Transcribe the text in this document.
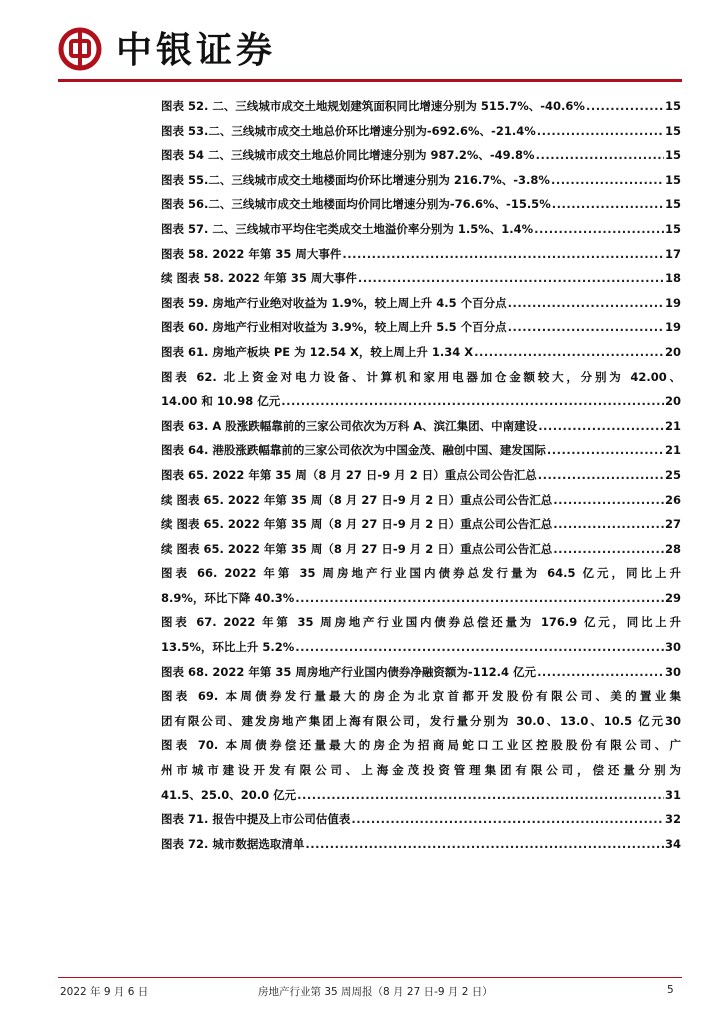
中银证券
图表 52. 二、三线城市成交土地规划建筑面积同比增速分别为 515.7%、-40.6% .....	15
图表 53.二、三线城市成交土地总价环比增速分别为-692.6%、-21.4% .....	15
图表 54 二、三线城市成交土地总价同比增速分别为 987.2%、-49.8% .....	15
图表 55.二、三线城市成交土地楼面均价环比增速分别为 216.7%、-3.8% .....	15
图表 56.二、三线城市成交土地楼面均价同比增速分别为-76.6%、-15.5% .....	15
图表 57. 二、三线城市平均住宅类成交土地溢价率分别为 1.5%、1.4% .....	15
图表 58. 2022 年第 35 周大事件 .....	17
续 图表 58. 2022 年第 35 周大事件 .....	18
图表 59. 房地产行业绝对收益为 1.9%，较上周上升 4.5 个百分点 .....	19
图表 60. 房地产行业相对收益为 3.9%，较上周上升 5.5 个百分点 .....	19
图表 61. 房地产板块 PE 为 12.54 X，较上周上升 1.34 X .....	20
图表 62. 北上资金对电力设备、计算机和家用电器加仓金额较大，分别为 42.00、
14.00 和 10.98 亿元 .....	20
图表 63. A 股涨跌幅靠前的三家公司依次为万科 A、滨江集团、中南建设 .....	21
图表 64. 港股涨跌幅靠前的三家公司依次为中国金茂、融创中国、建发国际 .....	21
图表 65. 2022 年第 35 周（8 月 27 日-9 月 2 日）重点公司公告汇总 .....	25
续 图表 65. 2022 年第 35 周（8 月 27 日-9 月 2 日）重点公司公告汇总 .....	26
续 图表 65. 2022 年第 35 周（8 月 27 日-9 月 2 日）重点公司公告汇总 .....	27
续 图表 65. 2022 年第 35 周（8 月 27 日-9 月 2 日）重点公司公告汇总 .....	28
图表 66. 2022 年第 35 周房地产行业国内债券总发行量为 64.5 亿元，同比上升
8.9%，环比下降 40.3% .....	29
图表 67. 2022 年第 35 周房地产行业国内债券总偿还量为 176.9 亿元，同比上升
13.5%，环比上升 5.2% .....	30
图表 68. 2022 年第 35 周房地产行业国内债券净融资额为-112.4 亿元 .....	30
图表 69. 本周债券发行量最大的房企为北京首都开发股份有限公司、美的置业集
团有限公司、建发房地产集团上海有限公司，发行量分别为 30.0、13.0、10.5 亿元30
图表 70. 本周债券偿还量最大的房企为招商局蛇口工业区控股股份有限公司、广
州市城市建设开发有限公司、上海金茂投资管理集团有限公司，偿还量分别为
41.5、25.0、20.0 亿元 .....	31
图表 71. 报告中提及上市公司估值表 .....	32
图表 72. 城市数据选取清单 .....	34
2022 年 9 月 6 日	房地产行业第 35 周周报（8 月 27 日-9 月 2 日）	5
